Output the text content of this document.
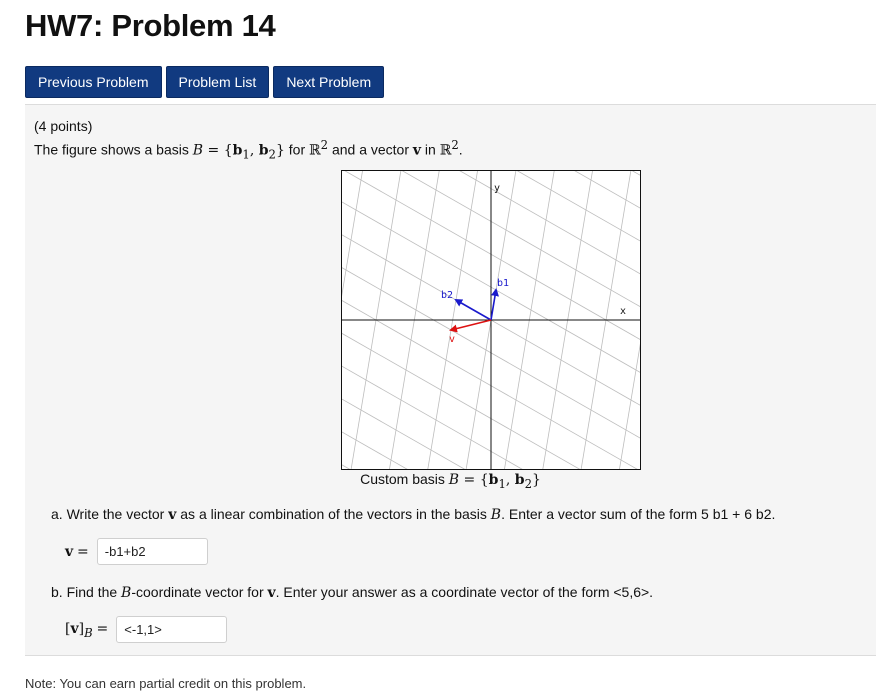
HW7: Problem 14
Previous Problem	Problem List	Next Problem
(4 points)
The figure shows a basis $B = \{b_1$, $b_2$} for ℝ$^2$ and a vector v in ℝ$^2$.
x
y
b1
b2
v
Custom basis $B = \{b_1$, $b_2$}
a. Write the vector v as a linear combination of the vectors in the basis B. Enter a vector sum of the form 5 b1 + 6 b2.
v =	-b1+b2
b. Find the B-coordinate vector for v. Enter your answer as a coordinate vector of the form <5,6>.
$[v]_B$ =	<-1,1>
Note: You can earn partial credit on this problem.
